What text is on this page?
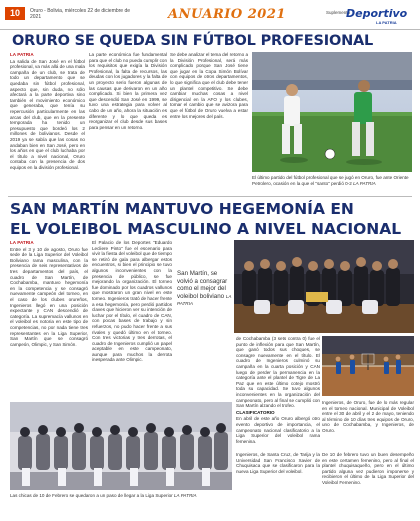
10	Oruro - Bolivia, miércoles 22 de diciembre de 2021	ANUARIO 2021	Suplemento
Deportivo
LA PATRIA
ORURO SE QUEDA SIN FÚTBOL PROFESIONAL

LA PATRIA

La salida de San José en el fútbol profesional, va más allá de una mala campaña de un club, se trata de todo un departamento que se quedaba sin fútbol profesional, aspecto que, sin duda, no sólo afectará a la parte deportiva sino también el movimiento económico que generaba, que tenía su repercusión particularmente en las arcas del club, que en la presente temporada ha tenido un presupuesto que bordeó los 2 millones de bolivianos. Desde el 2019 ya se sabía que las cosas no andaban bien en San José, pero en los años en que el club luchaba por el título a nivel nacional, Oruro contaba con la presencia de dos equipos en la división profesional.

La parte económica fue fundamental para que el club no pueda cumplir con los requisitos que exigía la División Profesional, la falta de recursos, las deudas con los jugadores y la falta de un proyecto serio fueron algunas de las causas que derivaron en un año complicado. Si bien la primera vez que descendió San José en 1999, se tuvo una estrategia para volver al cabo de un año, ahora la situación es diferente y lo que queda es reorganizar el club desde sus bases para pensar en un retorno.

Se debe analizar el tema del retorno a la División Profesional, será más complicado porque San José tiene que jugar en la Copa Simón Bolívar con equipos de otros departamentos, lo que significa que el club debe tener un plantel competitivo. Se debe cambiar muchas cosas a nivel dirigencial en la AFO y los clubes, tomar el cambio que se avizora para que el fútbol de Oruro vuelva a estar entre los mejores del país.

El último partido del fútbol profesional que se jugó en Oruro, fue ante Oriente Petrolero, ocasión en la que el "santo" perdió 0-2 LA PATRIA
SAN MARTÍN MANTUVO HEGEMONÍA EN
EL VOLEIBOL MASCULINO A NIVEL NACIONAL

LA PATRIA

Entre el 3 y 10 de agosto, Oruro fue sede de la Liga Superior del Voleibol Boliviano rama masculina, con la presencia de seis representativos de tres departamentos del país, el cuadro de San Martín, de Cochabamba, mantuvo hegemonía en la competencia y se consagró nuevamente campeón del torneo, en el caso de los clubes orureños, Ingenieros llegó en una posición expectante y CAN descendió de categoría. La supremacía vallunos en el voleibol es notoria en este tipo de competencias, no por nada tiene tres representantes en la Liga Superior, San Martín que se consagró campeón, Olimpic, y San Simón.

El Palacio de los Deportes "Eduardo Lecliere Pinto" fue el escenario para vivir la fiesta del voleibol que de tiempo se retiró de gala para albergar estos encuentros, si bien el principio se tuvo algunos inconvenientes con la presencia de público, se fue mejorando la organización. El torneo fue dominado por los cuadros vallunos que mostraron un gran nivel en este torneo. Ingenieros trató de hacer frente a esa hegemonía, pero perdió partidos claves que hicieron ver su intención de luchar por el título, el cuadro de CAN, con pocas bases de trabajo y sin refuerzos, no pudo hacer frente a sus rivales y quedó último en el torneo. Con tres victorias y tres derrotas, el cuadro de Ingenieros cumplió un papel aceptable en este campeonato, aunque para muchos la derrota inesperada ante Olimpic.

San Martín, se volvió a consagrar como el mejor del voleibol boliviano LA PATRIA

de Cochabamba (3 sets contra 0) fue el punto de inflexión para que San Martín, que ganó todos sus choques, se consagre nuevamente en el título. El cuadro de Ingenieros culminó su campaña en la cuarta posición y CAN luego de perder la permanencia en la categoría ante el plantel de Tigre de La Paz que en este último cotejo mostró toda su capacidad. Se tuvo algunos inconvenientes en la organización del campeonato, pero al final se cumplió con San Martín alzando el trofeo.

CLASIFICATORIO

En abril de este año Oruro albergó otro evento deportivo de importancia, el campeonato nacional clasificatorio a la Liga Superior del voleibol rama femenina.

Ingenieros, de Oruro, fue de lo más regular en el torneo nacional. Municipal de Voleibol entre el 30 de abril y el 2 de mayo, teniendo al término de 10 días tres equipos de Oruro, uno de Cochabamba, y Ingenieros, de Oruro.

Las chicas de 10 de Febrero se quedaron a un paso de llegar a la Liga Superior LA PATRIA

Ingenieros, de Santa Cruz, de Tarija y la Universidad San Francisco Xavier de Chuquisaca que se clasificaron para la nueva Liga Superior del voleibol.

De 10 de febrero tuvo un buen desempeño en este certamen femenino, pero al final el plantel chuquisaqueño, pero en el último partido alguna vez pudieron imponerse y recibieron el último de la Liga Superior del Voleibol Femenino.
